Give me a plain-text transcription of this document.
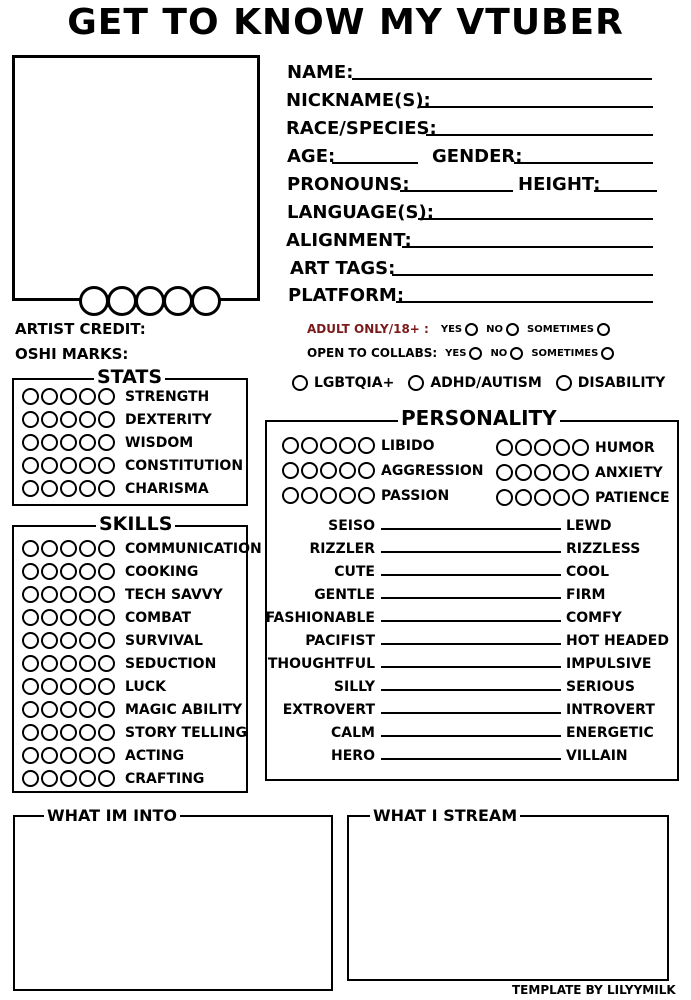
GET TO KNOW MY VTUBER
NAME:
NICKNAME(S):
RACE/SPECIES:
AGE:	GENDER:
PRONOUNS:	HEIGHT:
LANGUAGE(S):
ALIGNMENT:
ART TAGS:
PLATFORM:
ARTIST CREDIT:
OSHI MARKS:
ADULT ONLY/18+ : YES NO SOMETIMES
OPEN TO COLLABS: YES NO SOMETIMES
LGBTQIA+	ADHD/AUTISM	DISABILITY
STATS
STRENGTH
DEXTERITY
WISDOM
CONSTITUTION
CHARISMA
SKILLS
COMMUNICATION
COOKING
TECH SAVVY
COMBAT
SURVIVAL
SEDUCTION
LUCK
MAGIC ABILITY
STORY TELLING
ACTING
CRAFTING
PERSONALITY
LIBIDO
AGGRESSION
PASSION
HUMOR
ANXIETY
PATIENCE
SEISO	LEWD
RIZZLER	RIZZLESS
CUTE	COOL
GENTLE	FIRM
FASHIONABLE	COMFY
PACIFIST	HOT HEADED
THOUGHTFUL	IMPULSIVE
SILLY	SERIOUS
EXTROVERT	INTROVERT
CALM	ENERGETIC
HERO	VILLAIN
WHAT IM INTO	WHAT I STREAM
TEMPLATE BY LILYYMILK
